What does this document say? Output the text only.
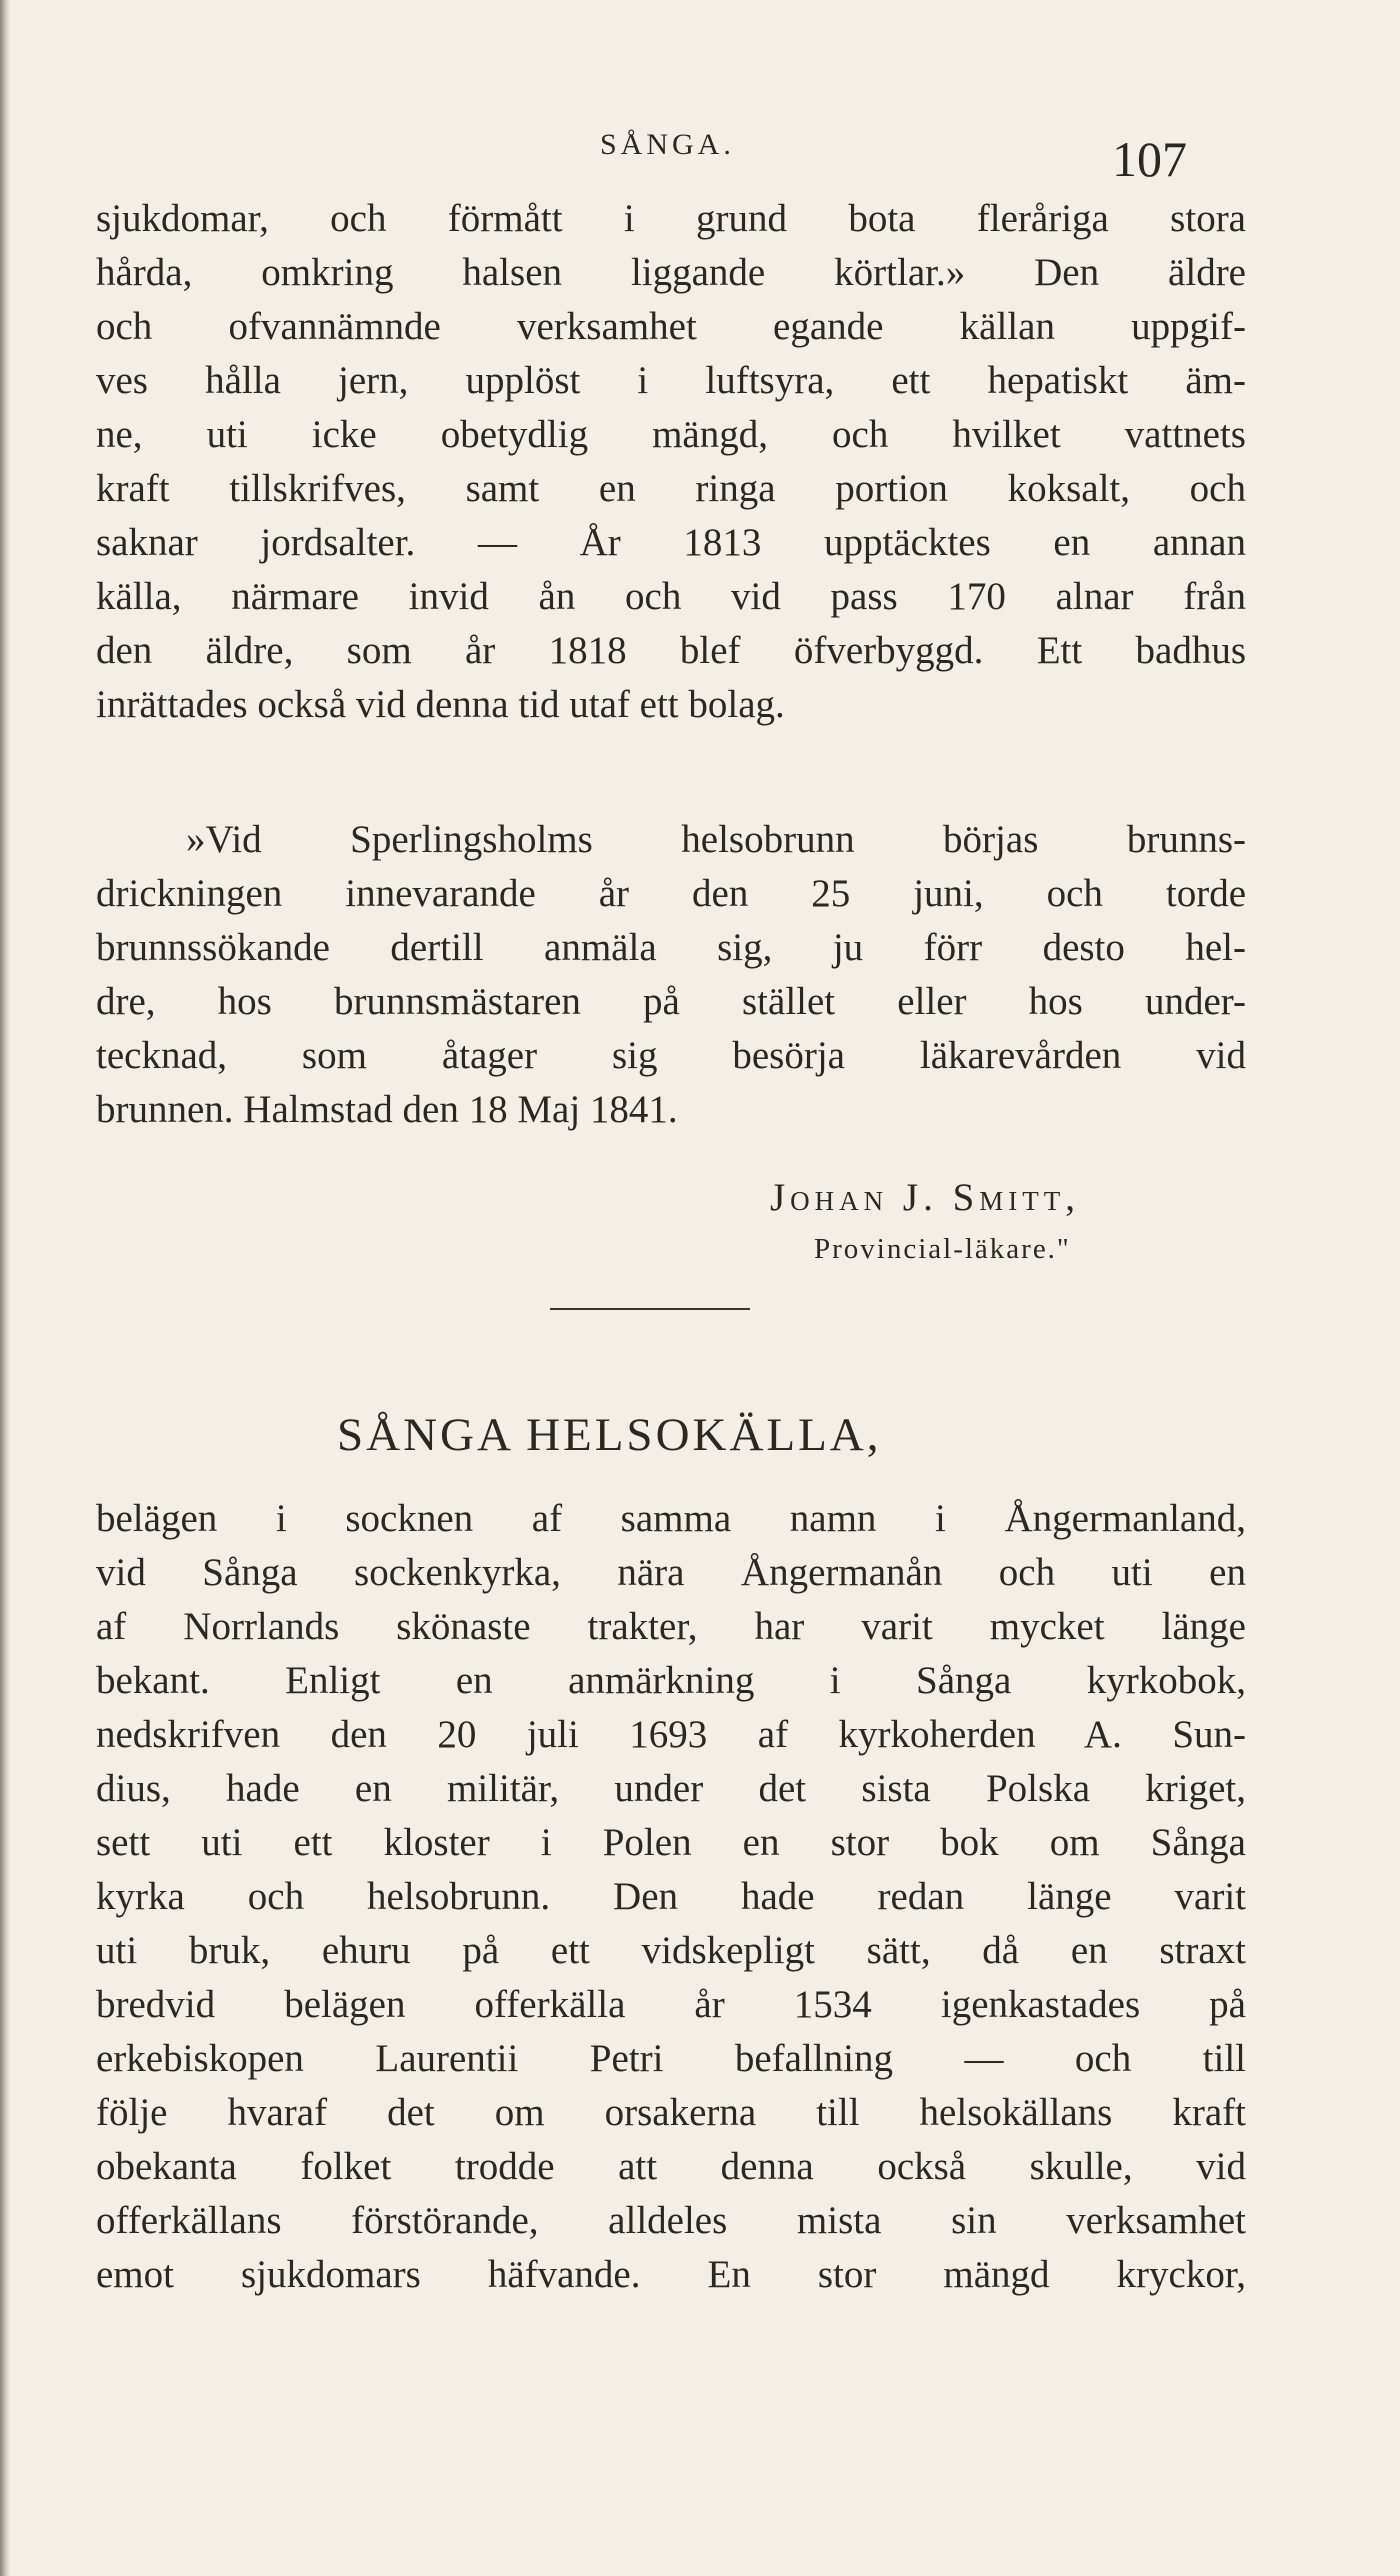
SÅNGA.	107
sjukdomar, och förmått i grund bota fleråriga stora
hårda, omkring halsen liggande körtlar.» Den äldre
och ofvannämnde verksamhet egande källan uppgif-
ves hålla jern, upplöst i luftsyra, ett hepatiskt äm-
ne, uti icke obetydlig mängd, och hvilket vattnets
kraft tillskrifves, samt en ringa portion koksalt, och
saknar jordsalter. — År 1813 upptäcktes en annan
källa, närmare invid ån och vid pass 170 alnar från
den äldre, som år 1818 blef öfverbyggd. Ett badhus
inrättades också vid denna tid utaf ett bolag.
»Vid Sperlingsholms helsobrunn börjas brunns-
drickningen innevarande år den 25 juni, och torde
brunnssökande dertill anmäla sig, ju förr desto hel-
dre, hos brunnsmästaren på stället eller hos under-
tecknad, som åtager sig besörja läkarevården vid
brunnen. Halmstad den 18 Maj 1841.
Johan J. Smitt,
Provincial-läkare."
SÅNGA HELSOKÄLLA,
belägen i socknen af samma namn i Ångermanland,
vid Sånga sockenkyrka, nära Ångermanån och uti en
af Norrlands skönaste trakter, har varit mycket länge
bekant. Enligt en anmärkning i Sånga kyrkobok,
nedskrifven den 20 juli 1693 af kyrkoherden A. Sun-
dius, hade en militär, under det sista Polska kriget,
sett uti ett kloster i Polen en stor bok om Sånga
kyrka och helsobrunn. Den hade redan länge varit
uti bruk, ehuru på ett vidskepligt sätt, då en straxt
bredvid belägen offerkälla år 1534 igenkastades på
erkebiskopen Laurentii Petri befallning — och till
följe hvaraf det om orsakerna till helsokällans kraft
obekanta folket trodde att denna också skulle, vid
offerkällans förstörande, alldeles mista sin verksamhet
emot sjukdomars häfvande. En stor mängd kryckor,
